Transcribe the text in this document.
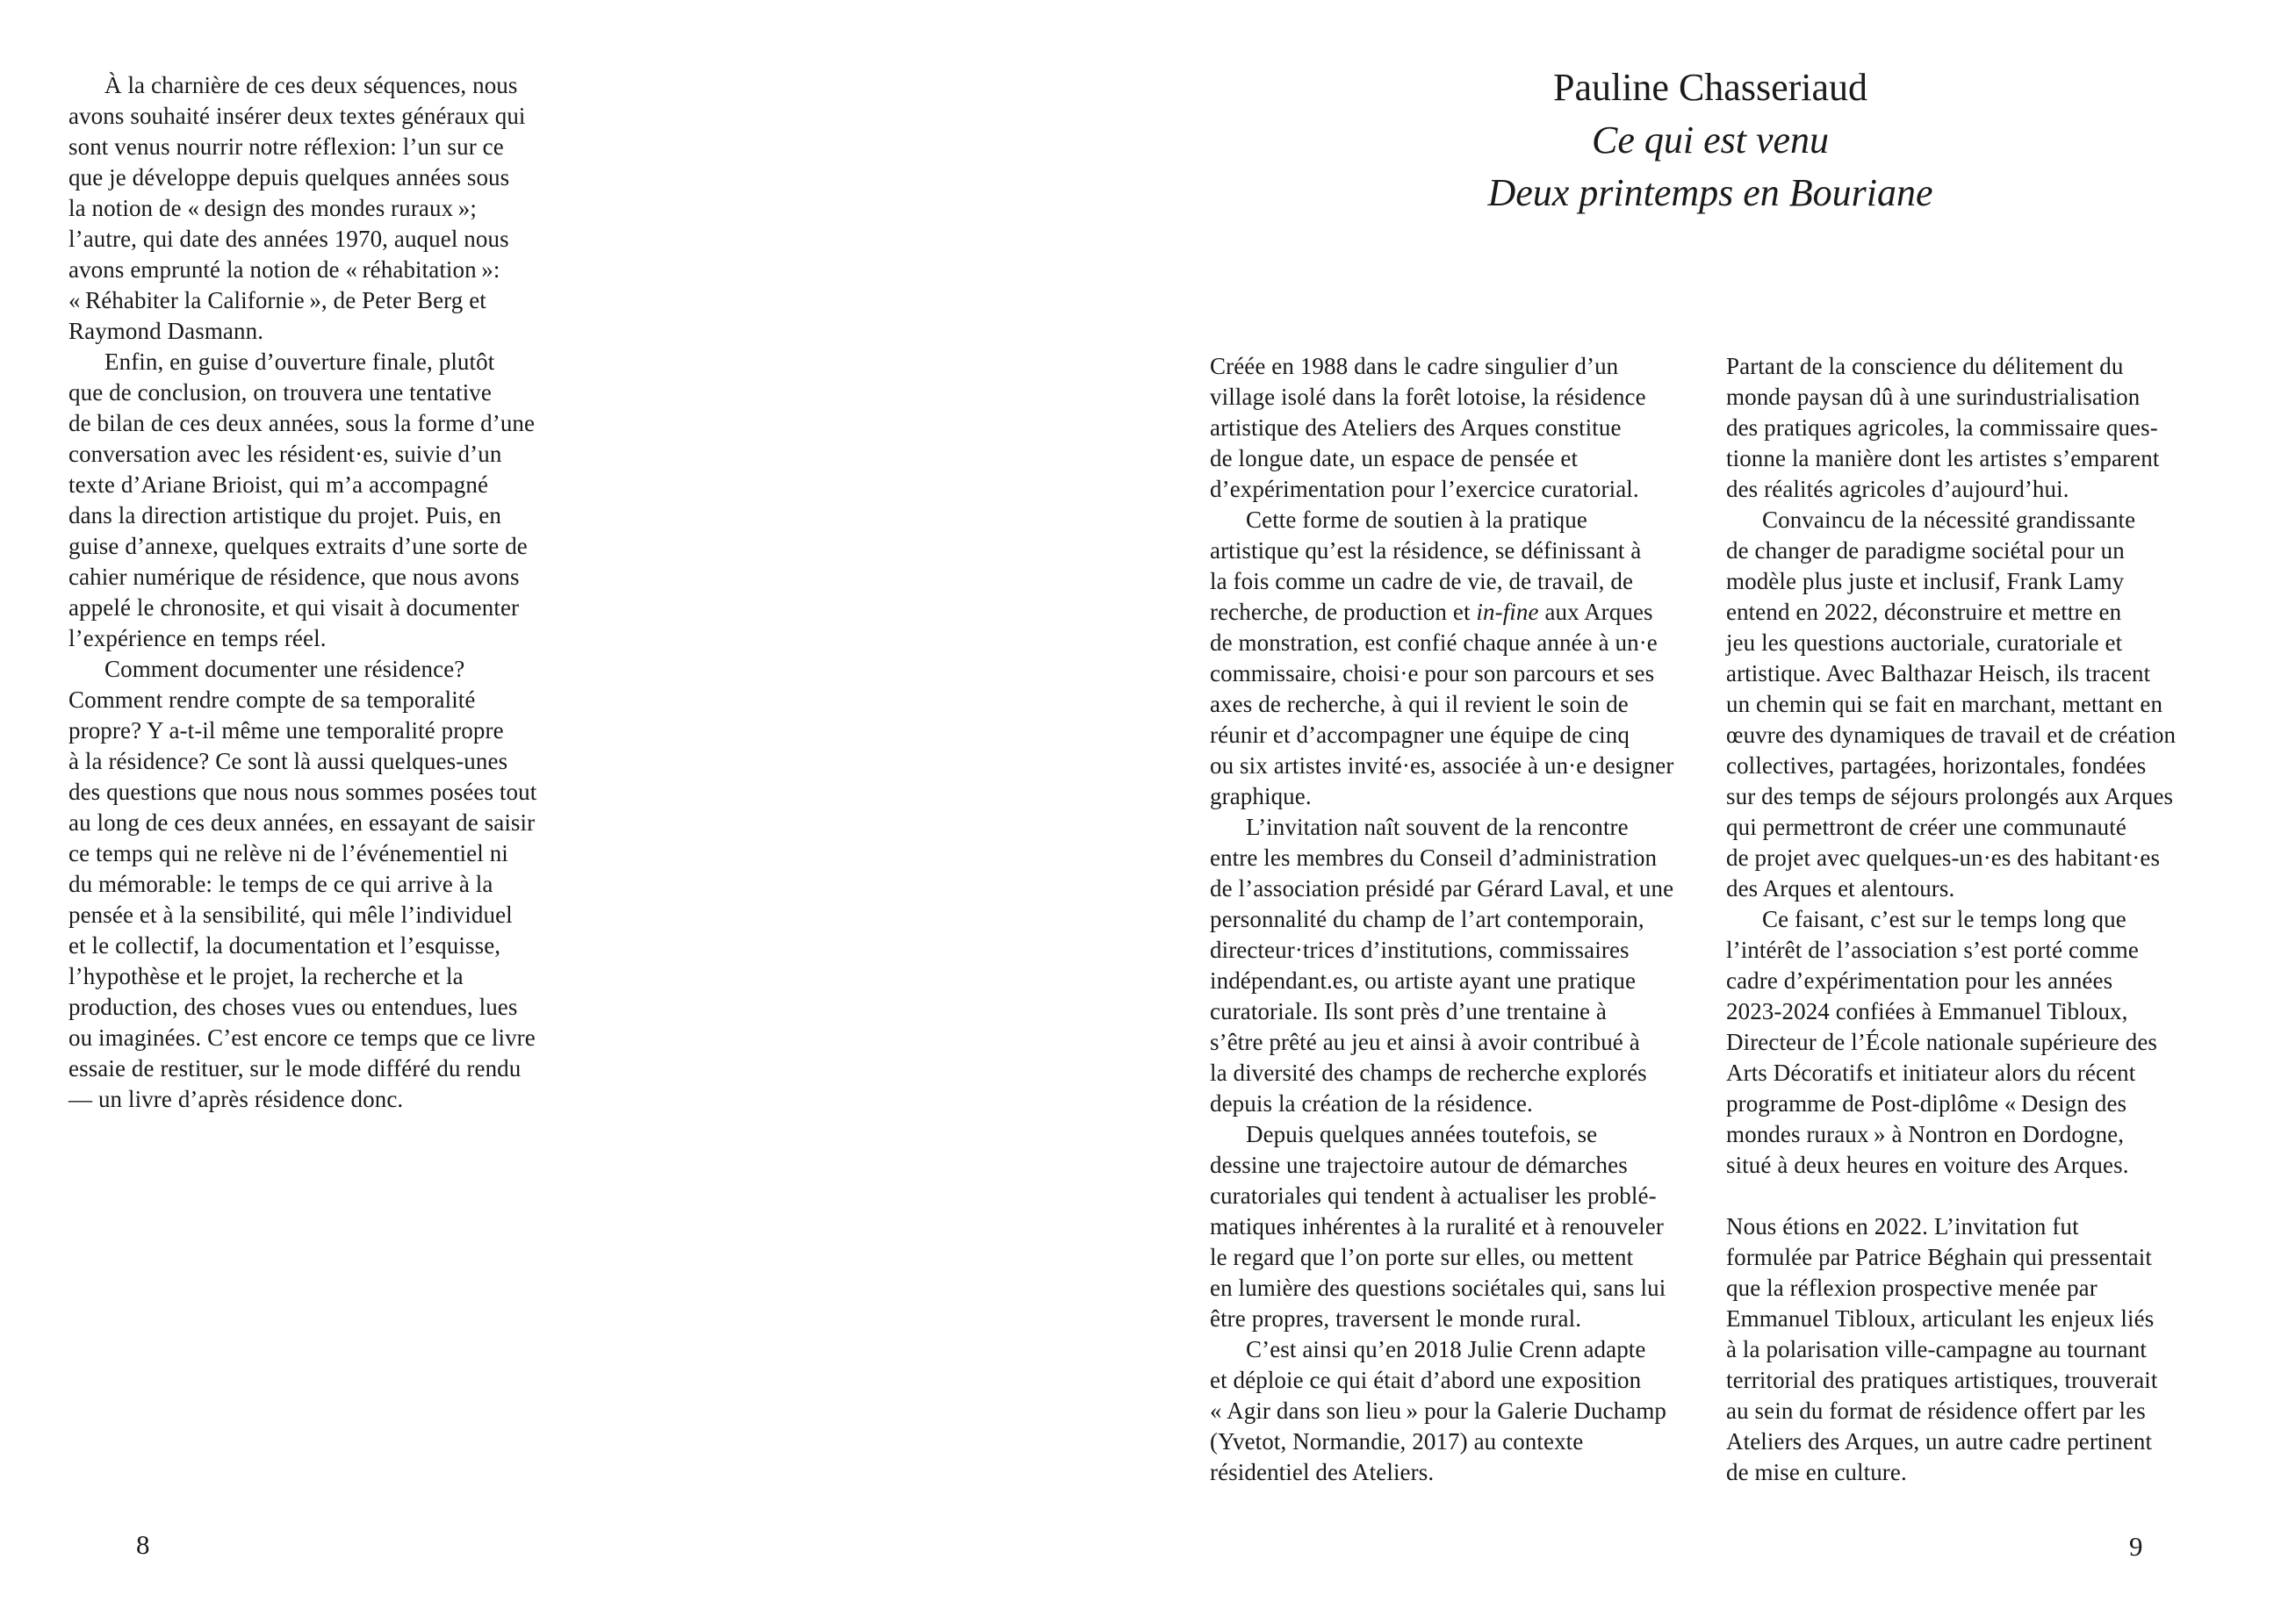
À la charnière de ces deux séquences, nous
avons souhaité insérer deux textes généraux qui
sont venus nourrir notre réflexion: l’un sur ce
que je développe depuis quelques années sous
la notion de « design des mondes ruraux »;
l’autre, qui date des années 1970, auquel nous
avons emprunté la notion de « réhabitation »:
« Réhabiter la Californie », de Peter Berg et
Raymond Dasmann.
Enfin, en guise d’ouverture finale, plutôt
que de conclusion, on trouvera une tentative
de bilan de ces deux années, sous la forme d’une
conversation avec les résident·es, suivie d’un
texte d’Ariane Brioist, qui m’a accompagné
dans la direction artistique du projet. Puis, en
guise d’annexe, quelques extraits d’une sorte de
cahier numérique de résidence, que nous avons
appelé le chronosite, et qui visait à documenter
l’expérience en temps réel.
Comment documenter une résidence?
Comment rendre compte de sa temporalité
propre? Y a-t-il même une temporalité propre
à la résidence? Ce sont là aussi quelques-unes
des questions que nous nous sommes posées tout
au long de ces deux années, en essayant de saisir
ce temps qui ne relève ni de l’événementiel ni
du mémorable: le temps de ce qui arrive à la
pensée et à la sensibilité, qui mêle l’individuel
et le collectif, la documentation et l’esquisse,
l’hypothèse et le projet, la recherche et la
production, des choses vues ou entendues, lues
ou imaginées. C’est encore ce temps que ce livre
essaie de restituer, sur le mode différé du rendu
— un livre d’après résidence donc.
8
Pauline Chasseriaud
Ce qui est venu
Deux printemps en Bouriane
Créée en 1988 dans le cadre singulier d’un
village isolé dans la forêt lotoise, la résidence
artistique des Ateliers des Arques constitue
de longue date, un espace de pensée et
d’expérimentation pour l’exercice curatorial.
Cette forme de soutien à la pratique
artistique qu’est la résidence, se définissant à
la fois comme un cadre de vie, de travail, de
recherche, de production et in-fine aux Arques
de monstration, est confié chaque année à un·e
commissaire, choisi·e pour son parcours et ses
axes de recherche, à qui il revient le soin de
réunir et d’accompagner une équipe de cinq
ou six artistes invité·es, associée à un·e designer
graphique.
L’invitation naît souvent de la rencontre
entre les membres du Conseil d’administration
de l’association présidé par Gérard Laval, et une
personnalité du champ de l’art contemporain,
directeur·trices d’institutions, commissaires
indépendant.es, ou artiste ayant une pratique
curatoriale. Ils sont près d’une trentaine à
s’être prêté au jeu et ainsi à avoir contribué à
la diversité des champs de recherche explorés
depuis la création de la résidence.
Depuis quelques années toutefois, se
dessine une trajectoire autour de démarches
curatoriales qui tendent à actualiser les problé-
matiques inhérentes à la ruralité et à renouveler
le regard que l’on porte sur elles, ou mettent
en lumière des questions sociétales qui, sans lui
être propres, traversent le monde rural.
C’est ainsi qu’en 2018 Julie Crenn adapte
et déploie ce qui était d’abord une exposition
« Agir dans son lieu » pour la Galerie Duchamp
(Yvetot, Normandie, 2017) au contexte
résidentiel des Ateliers.
Partant de la conscience du délitement du
monde paysan dû à une surindustrialisation
des pratiques agricoles, la commissaire ques-
tionne la manière dont les artistes s’emparent
des réalités agricoles d’aujourd’hui.
Convaincu de la nécessité grandissante
de changer de paradigme sociétal pour un
modèle plus juste et inclusif, Frank Lamy
entend en 2022, déconstruire et mettre en
jeu les questions auctoriale, curatoriale et
artistique. Avec Balthazar Heisch, ils tracent
un chemin qui se fait en marchant, mettant en
œuvre des dynamiques de travail et de création
collectives, partagées, horizontales, fondées
sur des temps de séjours prolongés aux Arques
qui permettront de créer une communauté
de projet avec quelques-un·es des habitant·es
des Arques et alentours.
Ce faisant, c’est sur le temps long que
l’intérêt de l’association s’est porté comme
cadre d’expérimentation pour les années
2023-2024 confiées à Emmanuel Tibloux,
Directeur de l’École nationale supérieure des
Arts Décoratifs et initiateur alors du récent
programme de Post-diplôme « Design des
mondes ruraux » à Nontron en Dordogne,
situé à deux heures en voiture des Arques.
Nous étions en 2022. L’invitation fut
formulée par Patrice Béghain qui pressentait
que la réflexion prospective menée par
Emmanuel Tibloux, articulant les enjeux liés
à la polarisation ville-campagne au tournant
territorial des pratiques artistiques, trouverait
au sein du format de résidence offert par les
Ateliers des Arques, un autre cadre pertinent
de mise en culture.
9
